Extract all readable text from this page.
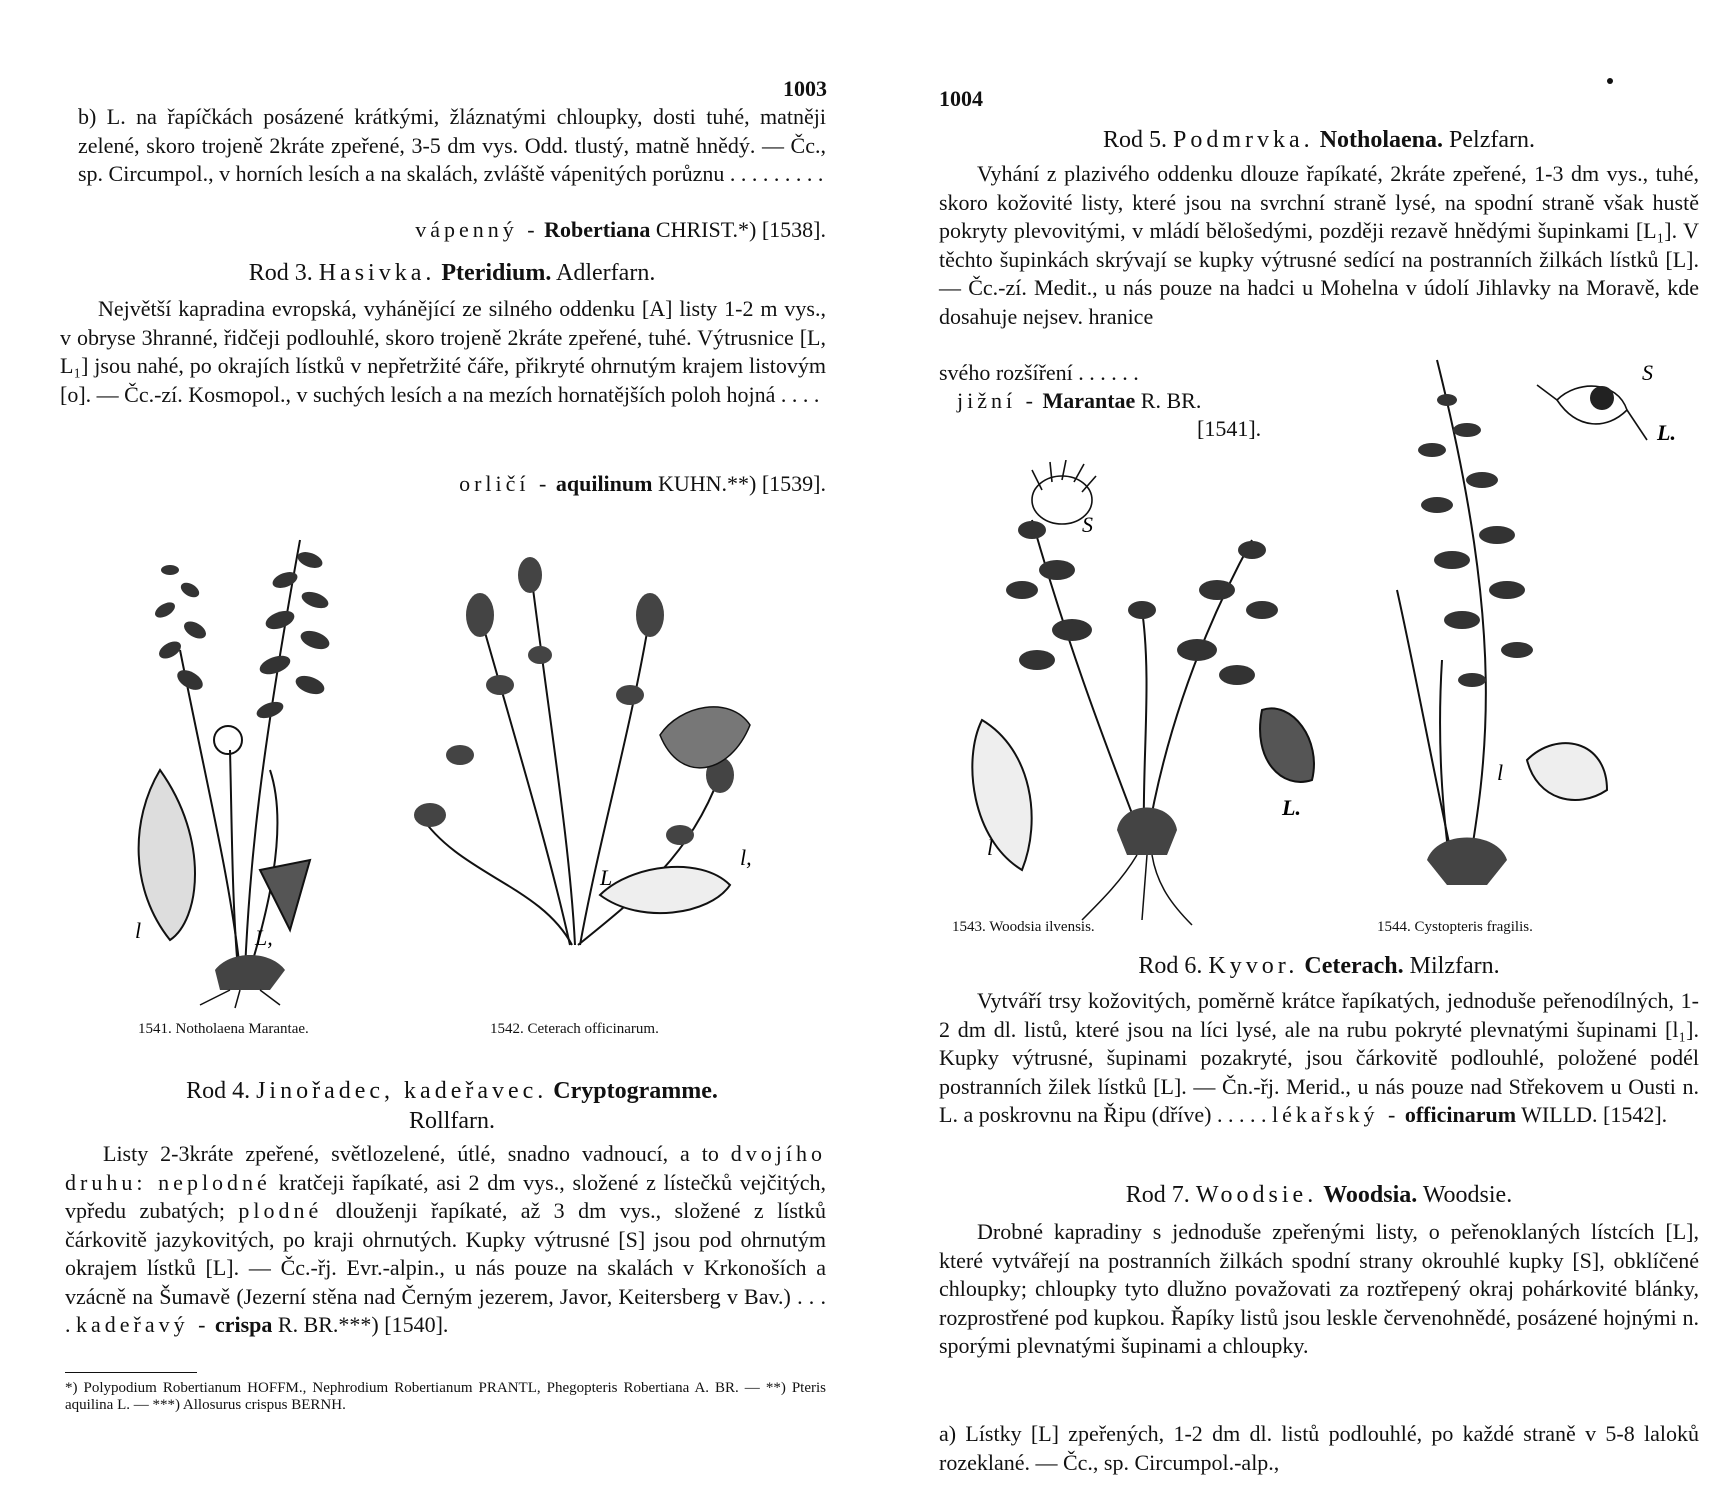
1003

b) L. na řapíčkách posázené krátkými, žláznatými chloupky, dosti tuhé, matněji zelené, skoro trojeně 2kráte zpeřené, 3-5 dm vys. Odd. tlustý, matně hnědý. — Čc., sp. Circumpol., v horních lesích a na skalách, zvláště vápenitých porůznu . . . . . . . . .

vápenný - Robertiana CHRIST.*) [1538].
Rod 3. Hasivka. Pteridium. Adlerfarn.

Největší kapradina evropská, vyhánějící ze silného oddenku [A] listy 1-2 m vys., v obryse 3hranné, řidčeji podlouhlé, skoro trojeně 2kráte zpeřené, tuhé. Výtrusnice [L, L₁] jsou nahé, po okrajích lístků v nepřetržité čáře, přikryté ohrnutým krajem listovým [o]. — Čc.-zí. Kosmopol., v suchých lesích a na mezích hornatějších poloh hojná . . . .

orličí - aquilinum KUHN.**) [1539].
l	L,
L
l,
1541. Notholaena Marantae.	1542. Ceterach officinarum.
Rod 4. Jinořadec, kadeřavec. Cryptogramme.
Rollfarn.

Listy 2-3kráte zpeřené, světlozelené, útlé, snadno vadnoucí, a to dvojího druhu: neplodné kratčeji řapíkaté, asi 2 dm vys., složené z lístečků vejčitých, vpředu zubatých; plodné dlouženji řapíkaté, až 3 dm vys., složené z lístků čárkovitě jazykovitých, po kraji ohrnutých. Kupky výtrusné [S] jsou pod ohrnutým okrajem lístků [L]. — Čc.-řj. Evr.-alpin., u nás pouze na skalách v Krkonoších a vzácně na Šumavě (Jezerní stěna nad Černým jezerem, Javor, Keitersberg v Bav.) . . . . kadeřavý - crispa R. BR.***) [1540].

*) Polypodium Robertianum HOFFM., Nephrodium Robertianum PRANTL, Phegopteris Robertiana A. BR. — **) Pteris aquilina L. — ***) Allosurus crispus BERNH.
1004
Rod 5. Podmrvka. Notholaena. Pelzfarn.

Vyhání z plazivého oddenku dlouze řapíkaté, 2kráte zpeřené, 1-3 dm vys., tuhé, skoro kožovité listy, které jsou na svrchní straně lysé, na spodní straně však hustě pokryty plevovitými, v mládí bělošedými, později rezavě hnědými šupinkami [L₁]. V těchto šupinkách skrývají se kupky výtrusné sedící na postranních žilkách lístků [L]. — Čc.-zí. Medit., u nás pouze na hadci u Mohelna v údolí Jihlavky na Moravě, kde dosahuje nejsev. hranice

svého rozšíření . . . . . .

jižní - Marantae R. BR.
[1541].
S
l
L.
S
L.
l
1543. Woodsia ilvensis.	1544. Cystopteris fragilis.
Rod 6. Kyvor. Ceterach. Milzfarn.

Vytváří trsy kožovitých, poměrně krátce řapíkatých, jednoduše peřenodílných, 1-2 dm dl. listů, které jsou na líci lysé, ale na rubu pokryté plevnatými šupinami [l₁]. Kupky výtrusné, šupinami pozakryté, jsou čárkovitě podlouhlé, položené podél postranních žilek lístků [L]. — Čn.-řj. Merid., u nás pouze nad Střekovem u Ousti n. L. a poskrovnu na Řipu (dříve) . . . . . lékařský - officinarum WILLD. [1542].

Rod 7. Woodsie. Woodsia. Woodsie.

Drobné kapradiny s jednoduše zpeřenými listy, o peřenoklaných lístcích [L], které vytvářejí na postranních žilkách spodní strany okrouhlé kupky [S], obklíčené chloupky; chloupky tyto dlužno považovati za roztřepený okraj pohárkovité blánky, rozprostřené pod kupkou. Řapíky listů jsou leskle červenohnědé, posázené hojnými n. sporými plevnatými šupinami a chloupky.

a) Lístky [L] zpeřených, 1-2 dm dl. listů podlouhlé, po každé straně v 5-8 laloků rozeklané. — Čc., sp. Circumpol.-alp.,
